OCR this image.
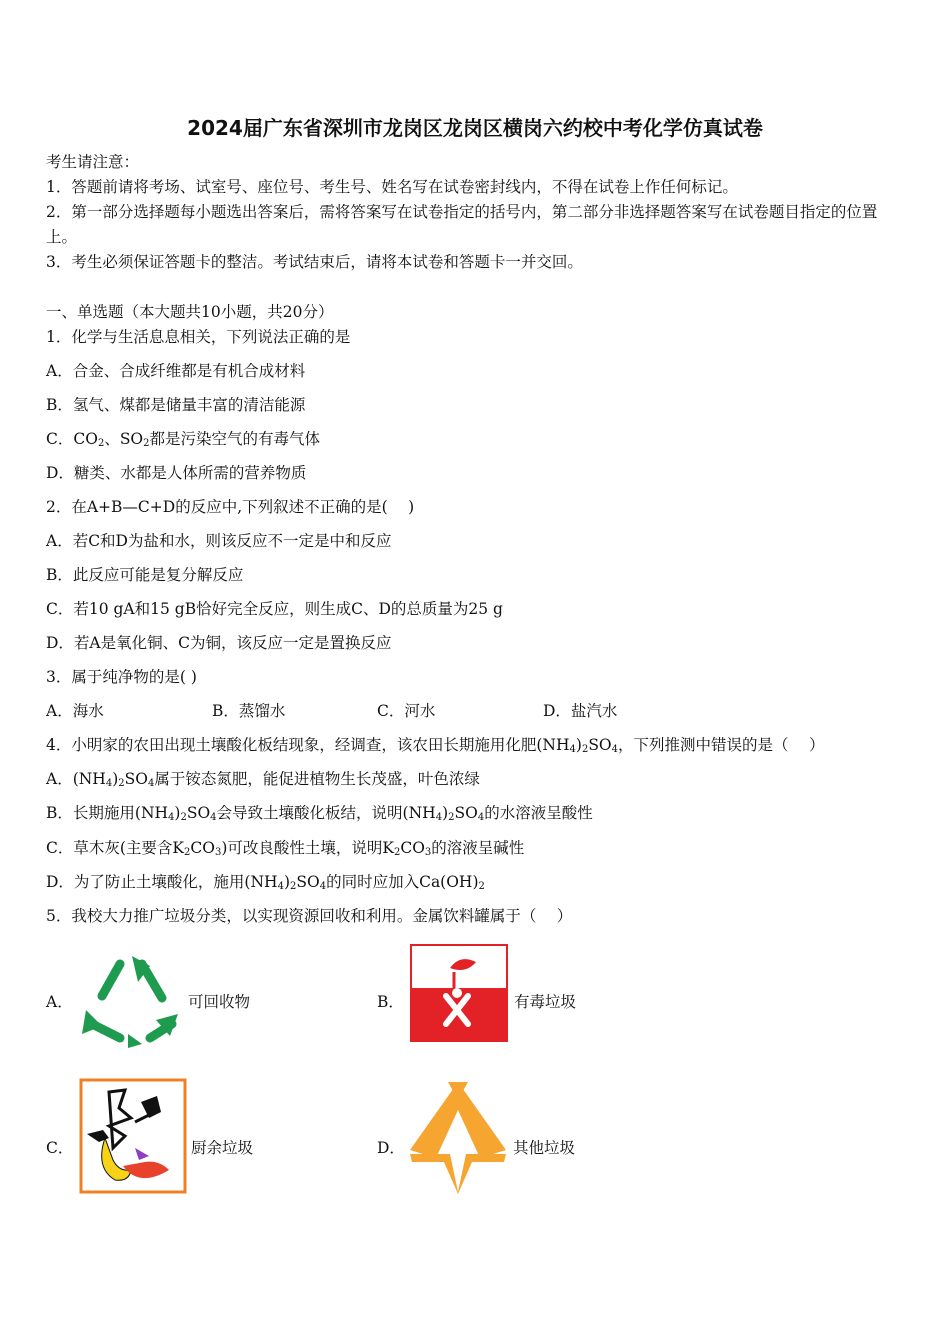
2024届广东省深圳市龙岗区龙岗区横岗六约校中考化学仿真试卷
考生请注意：
1．答题前请将考场、试室号、座位号、考生号、姓名写在试卷密封线内，不得在试卷上作任何标记。
2．第一部分选择题每小题选出答案后，需将答案写在试卷指定的括号内，第二部分非选择题答案写在试卷题目指定的位置上。
3．考生必须保证答题卡的整洁。考试结束后，请将本试卷和答题卡一并交回。
一、单选题（本大题共10小题，共20分）
1．化学与生活息息相关，下列说法正确的是
A．合金、合成纤维都是有机合成材料
B．氢气、煤都是储量丰富的清洁能源
C．$CO_2$、$SO_2$都是污染空气的有毒气体
D．糖类、水都是人体所需的营养物质
2．在A+B—C+D的反应中,下列叙述不正确的是(　 )
A．若C和D为盐和水，则该反应不一定是中和反应
B．此反应可能是复分解反应
C．若10 gA和15 gB恰好完全反应，则生成C、D的总质量为25 g
D．若A是氧化铜、C为铜，该反应一定是置换反应
3．属于纯净物的是( )
A．海水	B．蒸馏水	C．河水	D．盐汽水
4．小明家的农田出现土壤酸化板结现象，经调查，该农田长期施用化肥$(NH_4)_2SO_4$，下列推测中错误的是（　 ）
A．$(NH_4)_2SO_4$属于铵态氮肥，能促进植物生长茂盛，叶色浓绿
B．长期施用$(NH_4)_2SO_4$会导致土壤酸化板结，说明$(NH_4)_2SO_4$的水溶液呈酸性
C．草木灰(主要含$K_2CO_3$)可改良酸性土壤，说明$K_2CO_3$的溶液呈碱性
D．为了防止土壤酸化，施用$(NH_4)_2SO_4$的同时应加入$Ca(OH)_2$
5．我校大力推广垃圾分类，以实现资源回收和利用。金属饮料罐属于（　 ）
A．	可回收物	B．	有毒垃圾
C．	厨余垃圾	D．	其他垃圾
